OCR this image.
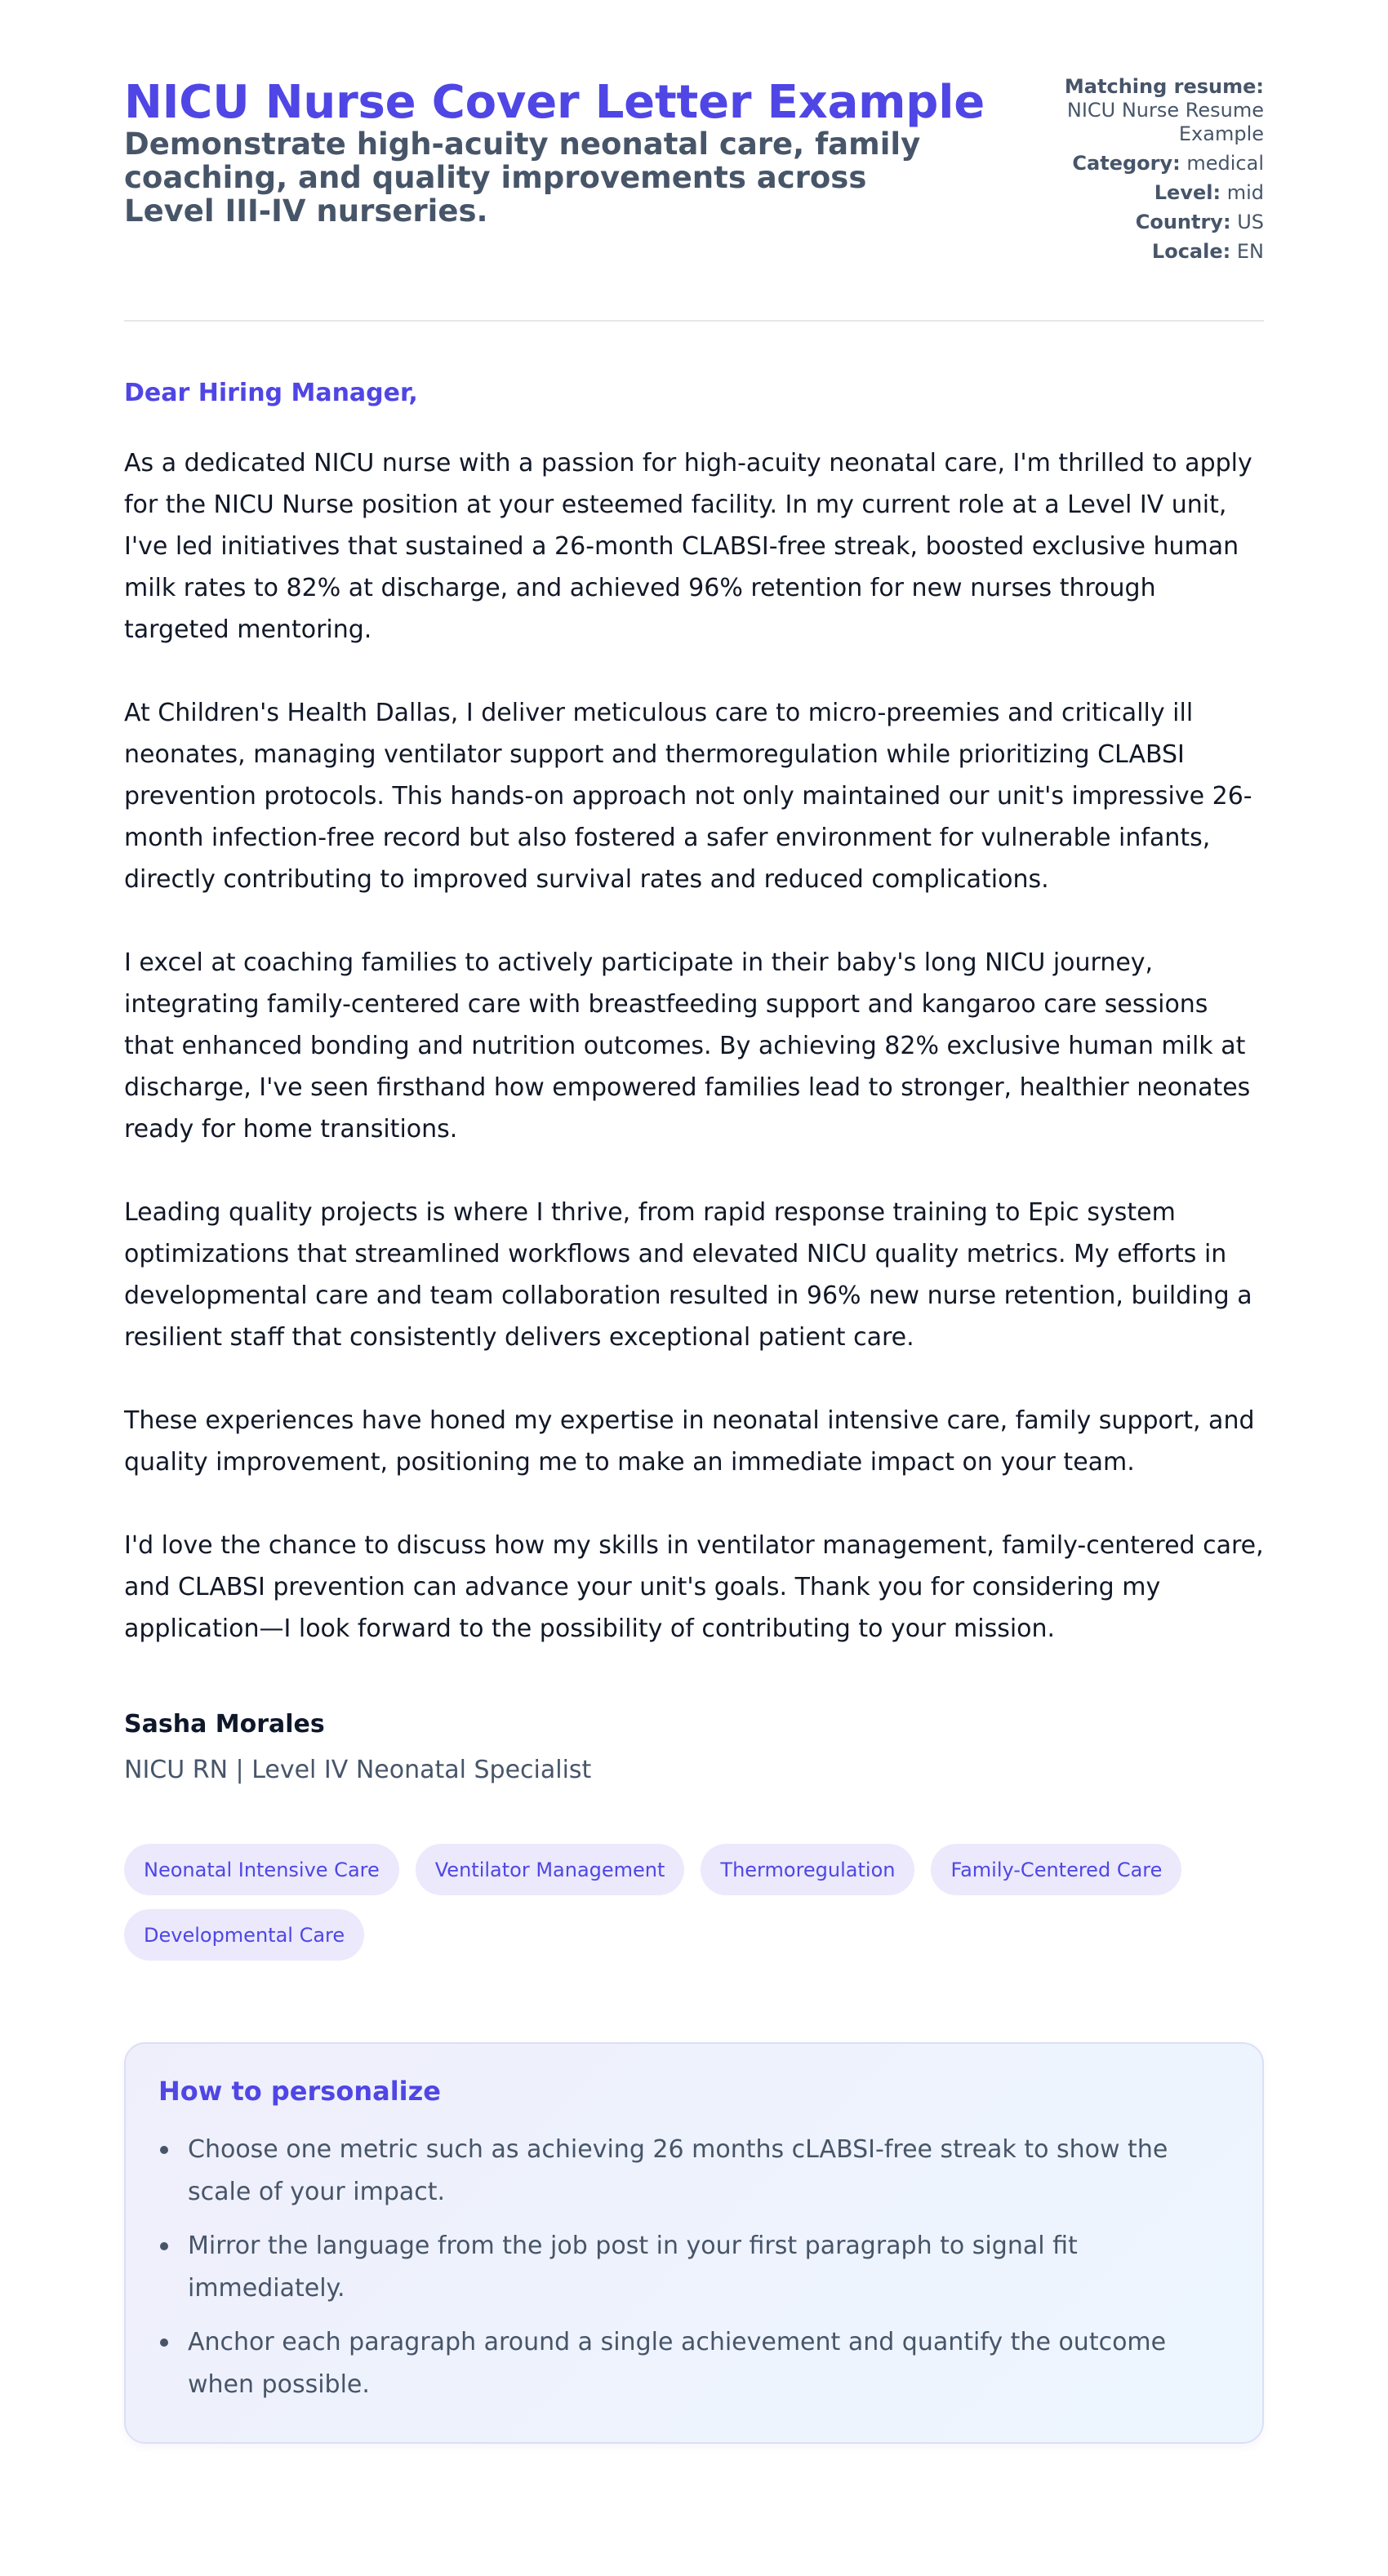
NICU Nurse Cover Letter Example
Demonstrate high-acuity neonatal care, family coaching, and quality improvements across Level III-IV nurseries.
Matching resume:
NICU Nurse Resume Example
Category: medical
Level: mid
Country: US
Locale: EN

Dear Hiring Manager,

As a dedicated NICU nurse with a passion for high-acuity neonatal care, I'm thrilled to apply for the NICU Nurse position at your esteemed facility. In my current role at a Level IV unit, I've led initiatives that sustained a 26-month CLABSI-free streak, boosted exclusive human milk rates to 82% at discharge, and achieved 96% retention for new nurses through targeted mentoring.

At Children's Health Dallas, I deliver meticulous care to micro-preemies and critically ill neonates, managing ventilator support and thermoregulation while prioritizing CLABSI prevention protocols. This hands-on approach not only maintained our unit's impressive 26-month infection-free record but also fostered a safer environment for vulnerable infants, directly contributing to improved survival rates and reduced complications.

I excel at coaching families to actively participate in their baby's long NICU journey, integrating family-centered care with breastfeeding support and kangaroo care sessions that enhanced bonding and nutrition outcomes. By achieving 82% exclusive human milk at discharge, I've seen firsthand how empowered families lead to stronger, healthier neonates ready for home transitions.

Leading quality projects is where I thrive, from rapid response training to Epic system optimizations that streamlined workflows and elevated NICU quality metrics. My efforts in developmental care and team collaboration resulted in 96% new nurse retention, building a resilient staff that consistently delivers exceptional patient care.

These experiences have honed my expertise in neonatal intensive care, family support, and quality improvement, positioning me to make an immediate impact on your team.

I'd love the chance to discuss how my skills in ventilator management, family-centered care, and CLABSI prevention can advance your unit's goals. Thank you for considering my application—I look forward to the possibility of contributing to your mission.

Sasha Morales
NICU RN | Level IV Neonatal Specialist
Neonatal Intensive Care	Ventilator Management	Thermoregulation	Family-Centered Care
Developmental Care
How to personalize
Choose one metric such as achieving 26 months cLABSI-free streak to show the scale of your impact.
Mirror the language from the job post in your first paragraph to signal fit immediately.
Anchor each paragraph around a single achievement and quantify the outcome when possible.
